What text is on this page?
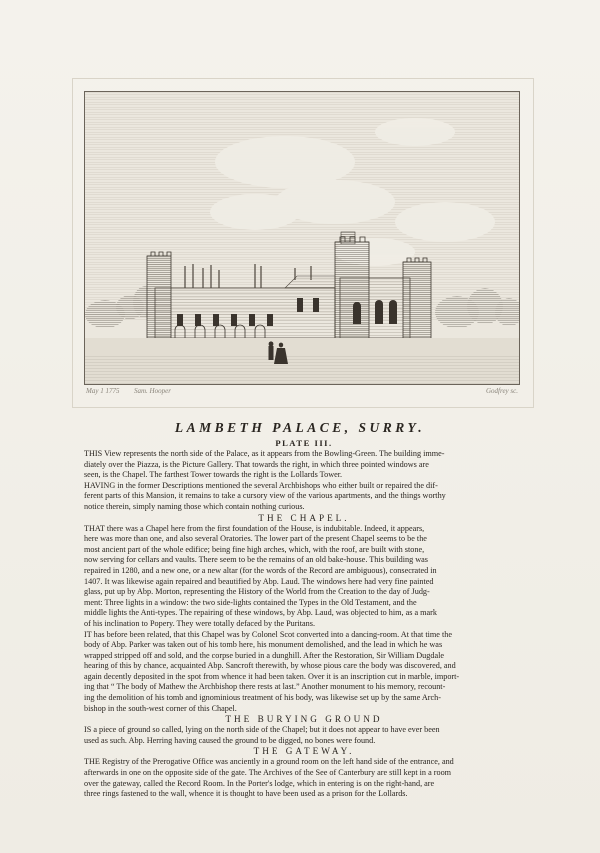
May 1 1775 Sam. Hooper	Godfrey sc.
LAMBETH PALACE, SURRY.

PLATE III.

THIS View represents the north side of the Palace, as it appears from the Bowling-Green. The building imme-

diately over the Piazza, is the Picture Gallery. That towards the right, in which three pointed windows are

seen, is the Chapel. The farthest Tower towards the right is the Lollards Tower.

HAVING in the former Descriptions mentioned the several Archbishops who either built or repaired the dif-

ferent parts of this Mansion, it remains to take a cursory view of the various apartments, and the things worthy

notice therein, simply naming those which contain nothing curious.

THE CHAPEL.

THAT there was a Chapel here from the first foundation of the House, is indubitable. Indeed, it appears,

here was more than one, and also several Oratories. The lower part of the present Chapel seems to be the

most ancient part of the whole edifice; being fine high arches, which, with the roof, are built with stone,

now serving for cellars and vaults. There seem to be the remains of an old bake-house. This building was

repaired in 1280, and a new one, or a new altar (for the words of the Record are ambiguous), consecrated in

1407. It was likewise again repaired and beautified by Abp. Laud. The windows here had very fine painted

glass, put up by Abp. Morton, representing the History of the World from the Creation to the day of Judg-

ment: Three lights in a window: the two side-lights contained the Types in the Old Testament, and the

middle lights the Anti-types. The repairing of these windows, by Abp. Laud, was objected to him, as a mark

of his inclination to Popery. They were totally defaced by the Puritans.

IT has before been related, that this Chapel was by Colonel Scot converted into a dancing-room. At that time the

body of Abp. Parker was taken out of his tomb here, his monument demolished, and the lead in which he was

wrapped stripped off and sold, and the corpse buried in a dunghill. After the Restoration, Sir William Dugdale

hearing of this by chance, acquainted Abp. Sancroft therewith, by whose pious care the body was discovered, and

again decently deposited in the spot from whence it had been taken. Over it is an inscription cut in marble, import-

ing that “ The body of Mathew the Archbishop there rests at last.” Another monument to his memory, recount-

ing the demolition of his tomb and ignominious treatment of his body, was likewise set up by the same Arch-

bishop in the south-west corner of this Chapel.

THE BURYING GROUND

IS a piece of ground so called, lying on the north side of the Chapel; but it does not appear to have ever been

used as such. Abp. Herring having caused the ground to be digged, no bones were found.

THE GATEWAY.

THE Registry of the Prerogative Office was anciently in a ground room on the left hand side of the entrance, and

afterwards in one on the opposite side of the gate. The Archives of the See of Canterbury are still kept in a room

over the gateway, called the Record Room. In the Porter's lodge, which in entering is on the right-hand, are

three rings fastened to the wall, whence it is thought to have been used as a prison for the Lollards.
